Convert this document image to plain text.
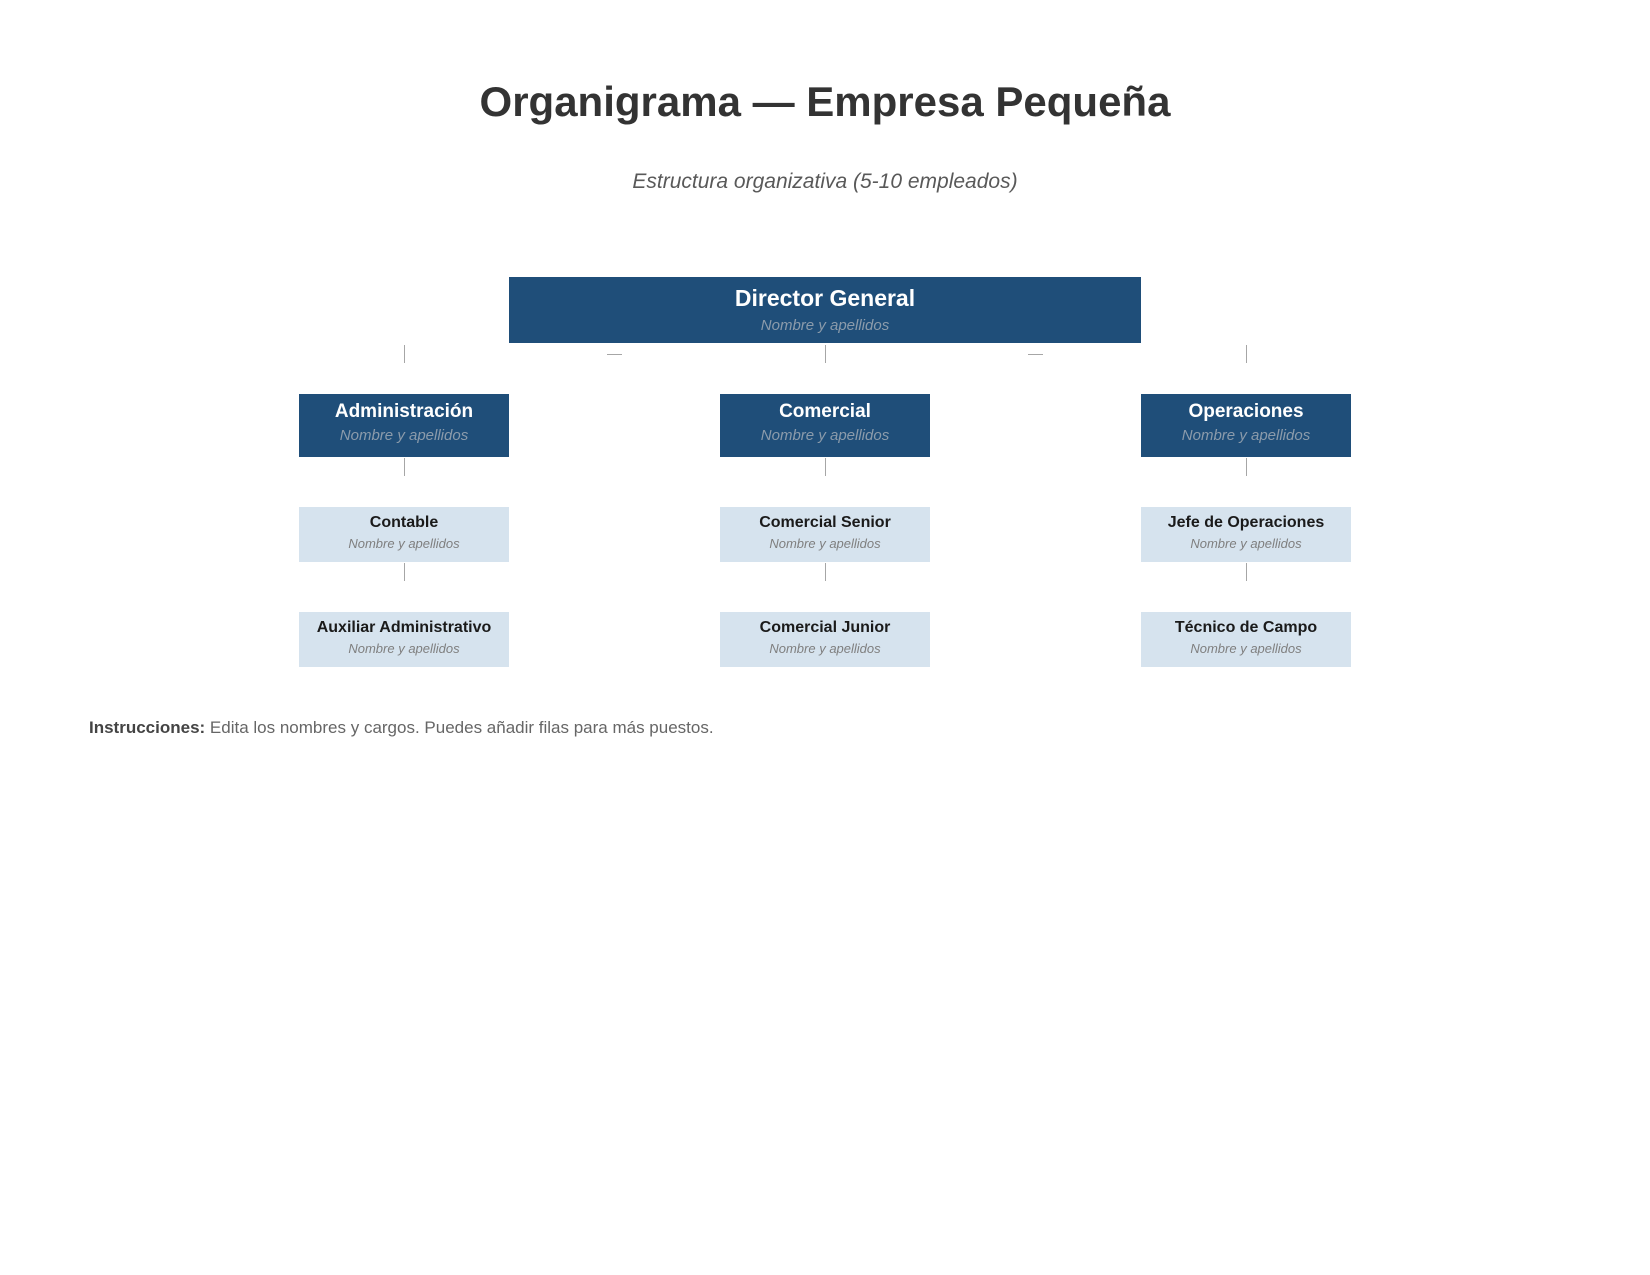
Organigrama — Empresa Pequeña
Estructura organizativa (5-10 empleados)
Director General
Nombre y apellidos
Administración
Nombre y apellidos
Comercial
Nombre y apellidos
Operaciones
Nombre y apellidos
Contable
Nombre y apellidos
Comercial Senior
Nombre y apellidos
Jefe de Operaciones
Nombre y apellidos
Auxiliar Administrativo
Nombre y apellidos
Comercial Junior
Nombre y apellidos
Técnico de Campo
Nombre y apellidos
Instrucciones: Edita los nombres y cargos. Puedes añadir filas para más puestos.
